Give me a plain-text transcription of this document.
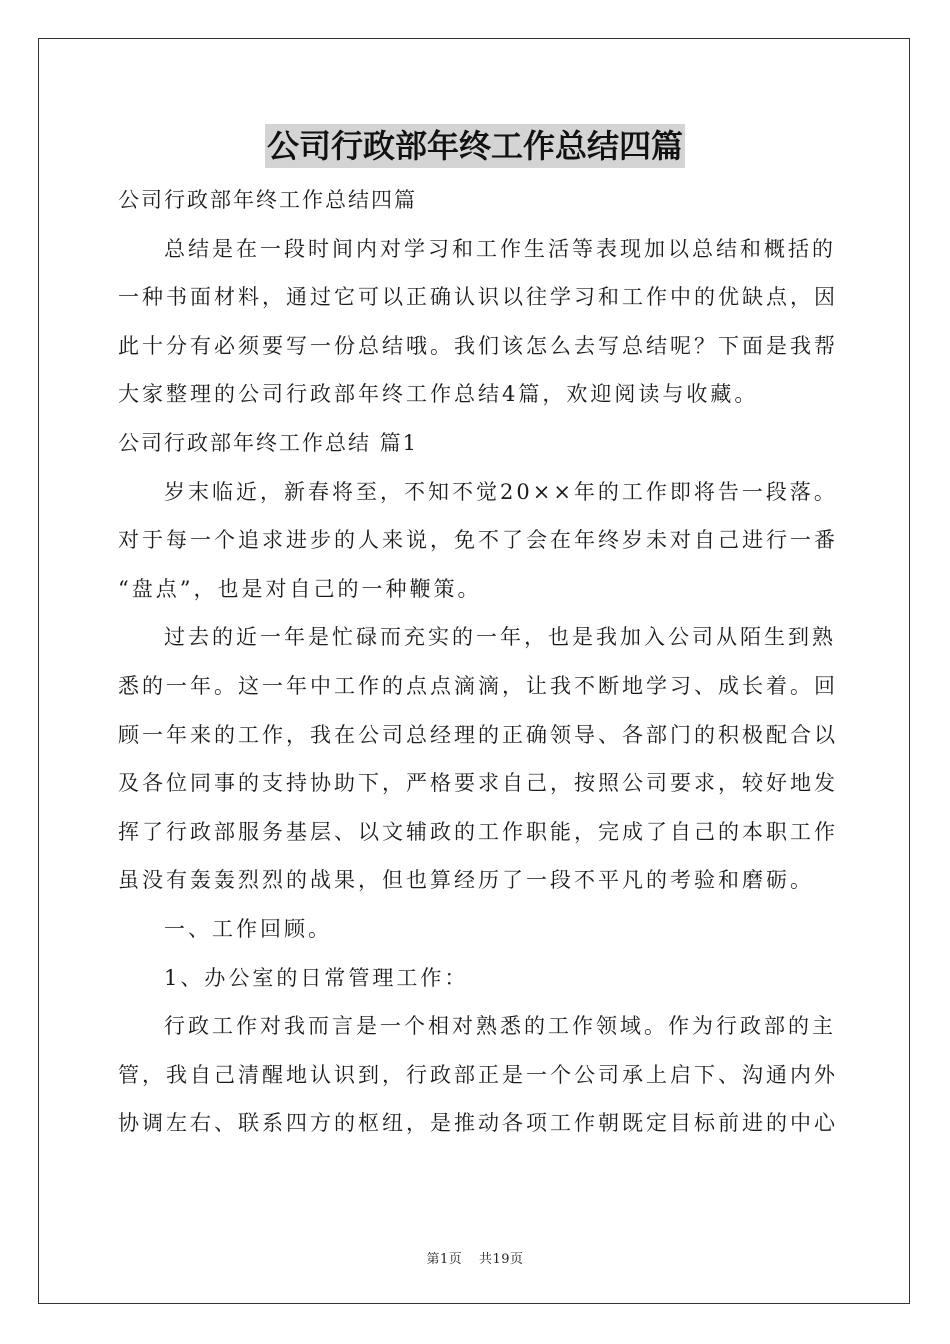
公司行政部年终工作总结四篇
公司行政部年终工作总结四篇
总结是在一段时间内对学习和工作生活等表现加以总结和概括的
一种书面材料，通过它可以正确认识以往学习和工作中的优缺点，因
此十分有必须要写一份总结哦。我们该怎么去写总结呢？下面是我帮
大家整理的公司行政部年终工作总结4篇，欢迎阅读与收藏。
公司行政部年终工作总结 篇1
岁末临近，新春将至，不知不觉20××年的工作即将告一段落。
对于每一个追求进步的人来说，免不了会在年终岁未对自己进行一番
“盘点”，也是对自己的一种鞭策。
过去的近一年是忙碌而充实的一年，也是我加入公司从陌生到熟
悉的一年。这一年中工作的点点滴滴，让我不断地学习、成长着。回
顾一年来的工作，我在公司总经理的正确领导、各部门的积极配合以
及各位同事的支持协助下，严格要求自己，按照公司要求，较好地发
挥了行政部服务基层、以文辅政的工作职能，完成了自己的本职工作
虽没有轰轰烈烈的战果，但也算经历了一段不平凡的考验和磨砺。
一、工作回顾。
1、办公室的日常管理工作：
行政工作对我而言是一个相对熟悉的工作领域。作为行政部的主
管，我自己清醒地认识到，行政部正是一个公司承上启下、沟通内外
协调左右、联系四方的枢纽，是推动各项工作朝既定目标前进的中心
第1页 共19页
